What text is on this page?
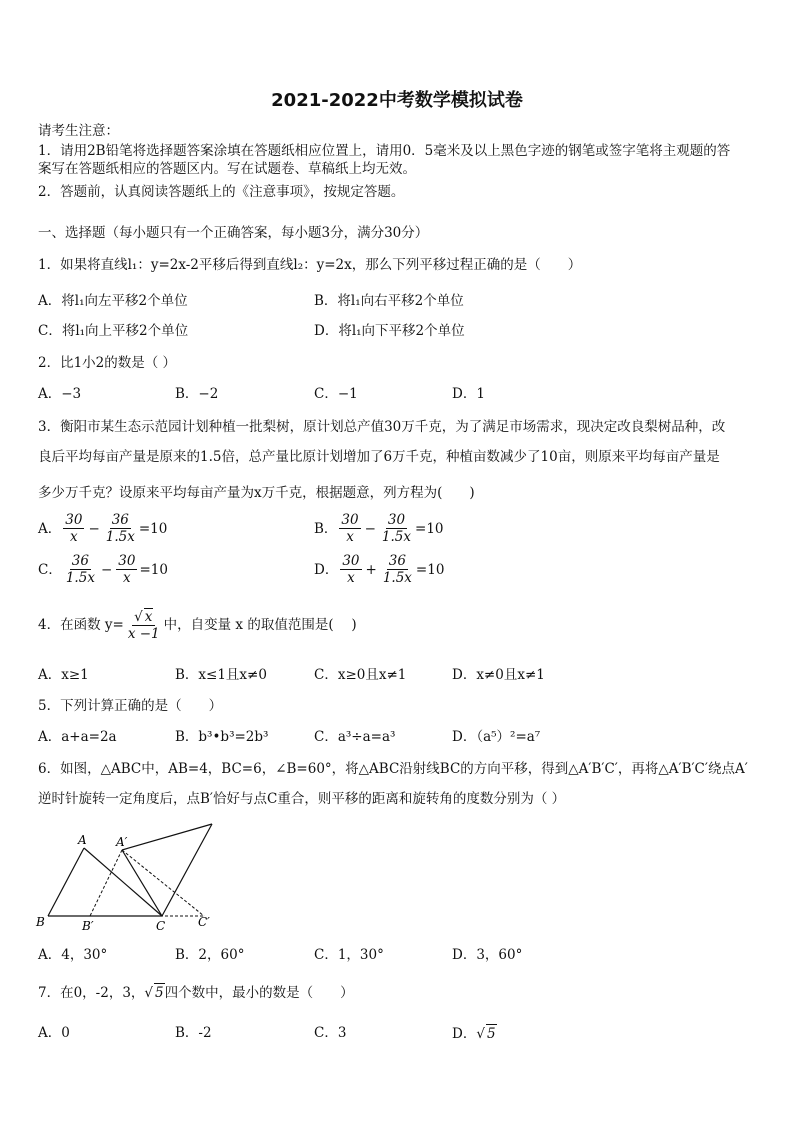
2021-2022中考数学模拟试卷
请考生注意：
1．请用2B铅笔将选择题答案涂填在答题纸相应位置上，请用0．5毫米及以上黑色字迹的钢笔或签字笔将主观题的答
案写在答题纸相应的答题区内。写在试题卷、草稿纸上均无效。
2．答题前，认真阅读答题纸上的《注意事项》，按规定答题。
一、选择题（每小题只有一个正确答案，每小题3分，满分30分）
1．如果将直线l₁：y=2x-2平移后得到直线l₂：y=2x，那么下列平移过程正确的是（　　）
A．将l₁向左平移2个单位	B．将l₁向右平移2个单位
C．将l₁向上平移2个单位	D．将l₁向下平移2个单位
2．比1小2的数是（ ）
A．−3	B．−2	C．−1	D．1
3．衡阳市某生态示范园计划种植一批梨树，原计划总产值30万千克，为了满足市场需求，现决定改良梨树品种，改
良后平均每亩产量是原来的1.5倍，总产量比原计划增加了6万千克，种植亩数减少了10亩，则原来平均每亩产量是
多少万千克？设原来平均每亩产量为x万千克，根据题意，列方程为(　　)
A． $\frac{30}{x} - \frac{36}{1.5x} =10$	B． $\frac{30}{x} - \frac{30}{1.5x} =10$
C． $\frac{36}{1.5x} - \frac{30}{x} =10$	D． $\frac{30}{x} + \frac{36}{1.5x} =10$
4．在函数 $y= \frac{√ x}{x -1}$ 中，自变量 x 的取值范围是(　 )
A．x≥1	B．x≤1且x≠0	C．x≥0且x≠1	D．x≠0且x≠1
5．下列计算正确的是（　　）
A．a+a=2a	B．b³•b³=2b³	C．a³÷a=a³	D．（a⁵）²=a⁷
6．如图，△ABC中，AB=4，BC=6，∠B=60°，将△ABC沿射线BC的方向平移，得到△A′B′C′，再将△A′B′C′绕点A′
逆时针旋转一定角度后，点B′恰好与点C重合，则平移的距离和旋转角的度数分别为（ ）
A A′
B	B′	C	C′
A．4，30°	B．2，60°	C．1，30°	D．3，60°
7．在0，-2，3，√ 5四个数中，最小的数是（　　）
A．0	B．-2	C．3	D．√ 5
